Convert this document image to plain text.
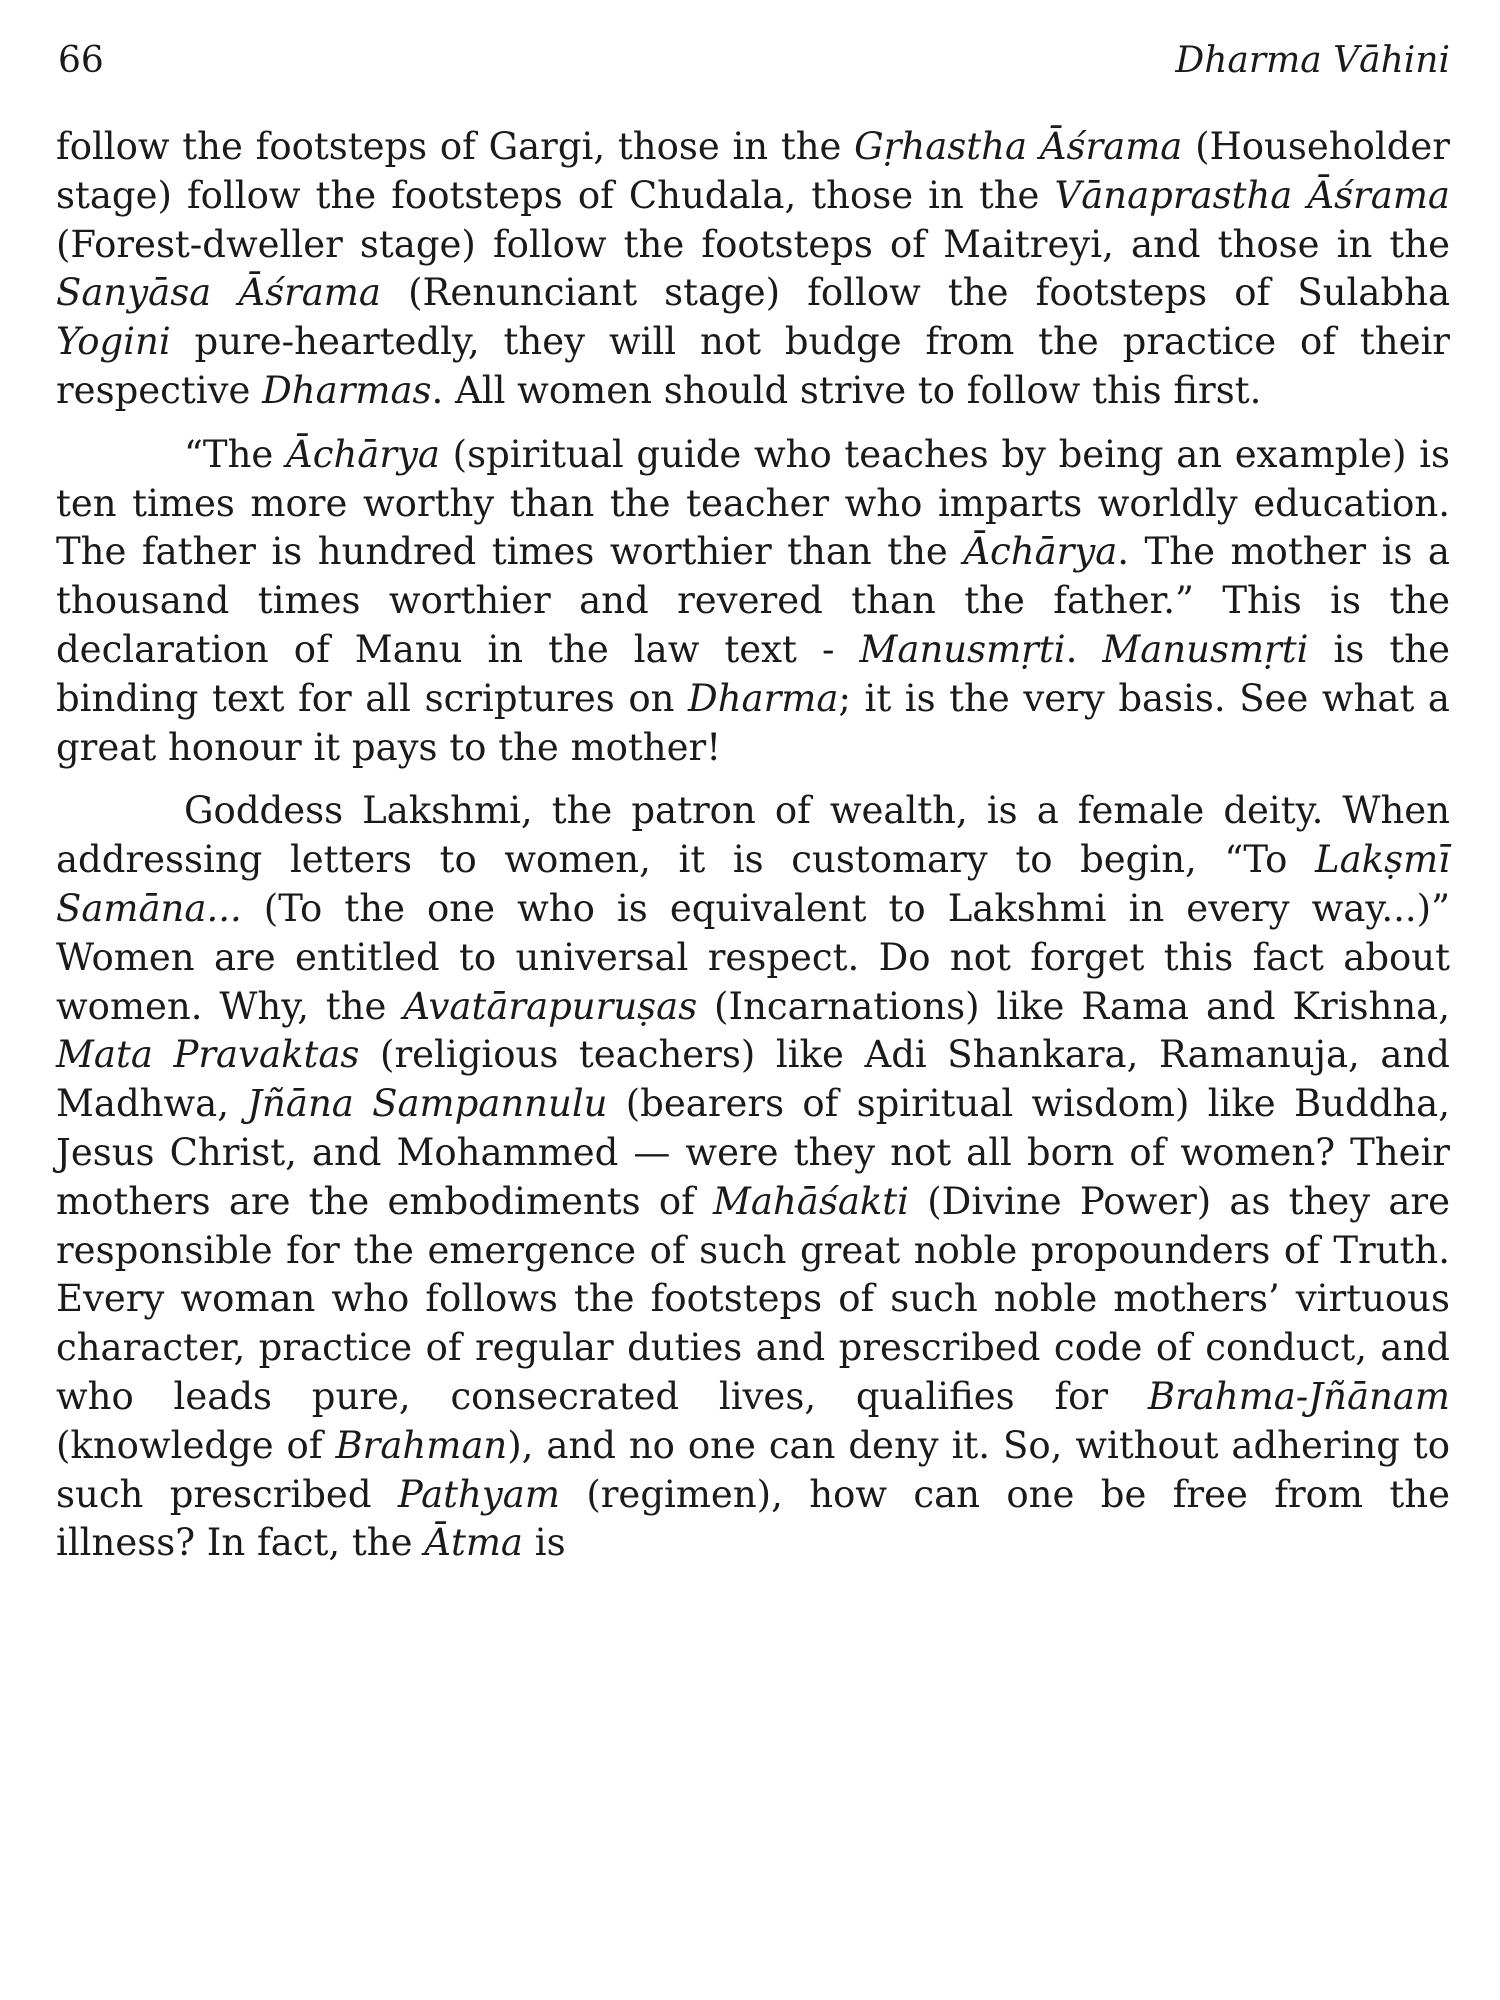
66	Dharma Vāhini

follow the footsteps of Gargi, those in the Gṛhastha Āśrama (Householder stage) follow the footsteps of Chudala, those in the Vānaprastha Āśrama (Forest-dweller stage) follow the footsteps of Maitreyi, and those in the Sanyāsa Āśrama (Renunciant stage) follow the footsteps of Sulabha Yogini pure-heartedly, they will not budge from the practice of their respective Dharmas. All women should strive to follow this first.

“The Āchārya (spiritual guide who teaches by being an example) is ten times more worthy than the teacher who imparts worldly education. The father is hundred times worthier than the Āchārya. The mother is a thousand times worthier and revered than the father.” This is the declaration of Manu in the law text - Manusmṛti. Manusmṛti is the binding text for all scriptures on Dharma; it is the very basis. See what a great honour it pays to the mother!

Goddess Lakshmi, the patron of wealth, is a female deity. When addressing letters to women, it is customary to begin, “To Lakṣmī Samāna... (To the one who is equivalent to Lakshmi in every way...)” Women are entitled to universal respect. Do not forget this fact about women. Why, the Avatārapuruṣas (Incarnations) like Rama and Krishna, Mata Pravaktas (religious teachers) like Adi Shankara, Ramanuja, and Madhwa, Jñāna Sampannulu (bearers of spiritual wisdom) like Buddha, Jesus Christ, and Mohammed — were they not all born of women? Their mothers are the embodiments of Mahāśakti (Divine Power) as they are responsible for the emergence of such great noble propounders of Truth. Every woman who follows the footsteps of such noble mothers’ virtuous character, practice of regular duties and prescribed code of conduct, and who leads pure, consecrated lives, qualifies for Brahma-Jñānam (knowledge of Brahman), and no one can deny it. So, without adhering to such prescribed Pathyam (regimen), how can one be free from the illness? In fact, the Ātma is
